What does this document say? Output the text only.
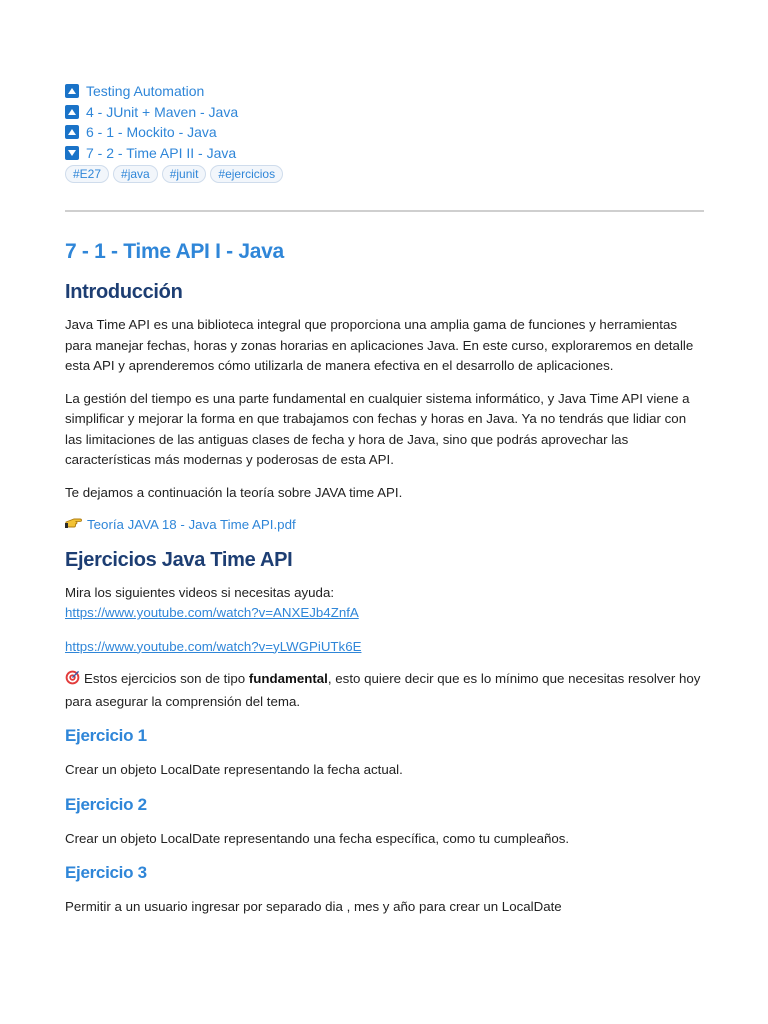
Testing Automation
4 - JUnit + Maven - Java
6 - 1 - Mockito - Java
7 - 2 - Time API II - Java
#E27	#java	#junit	#ejercicios
7 - 1 - Time API I - Java
Introducción

Java Time API es una biblioteca integral que proporciona una amplia gama de funciones y herramientas para manejar fechas, horas y zonas horarias en aplicaciones Java. En este curso, exploraremos en detalle esta API y aprenderemos cómo utilizarla de manera efectiva en el desarrollo de aplicaciones.

La gestión del tiempo es una parte fundamental en cualquier sistema informático, y Java Time API viene a simplificar y mejorar la forma en que trabajamos con fechas y horas en Java. Ya no tendrás que lidiar con las limitaciones de las antiguas clases de fecha y hora de Java, sino que podrás aprovechar las características más modernas y poderosas de esta API.

Te dejamos a continuación la teoría sobre JAVA time API.

Teoría JAVA 18 - Java Time API.pdf
Ejercicios Java Time API

Mira los siguientes videos si necesitas ayuda:

https://www.youtube.com/watch?v=ANXEJb4ZnfA

https://www.youtube.com/watch?v=yLWGPiUTk6E

Estos ejercicios son de tipo fundamental, esto quiere decir que es lo mínimo que necesitas resolver hoy para asegurar la comprensión del tema.

Ejercicio 1

Crear un objeto LocalDate representando la fecha actual.

Ejercicio 2

Crear un objeto LocalDate representando una fecha específica, como tu cumpleaños.

Ejercicio 3

Permitir a un usuario ingresar por separado dia , mes y año para crear un LocalDate
